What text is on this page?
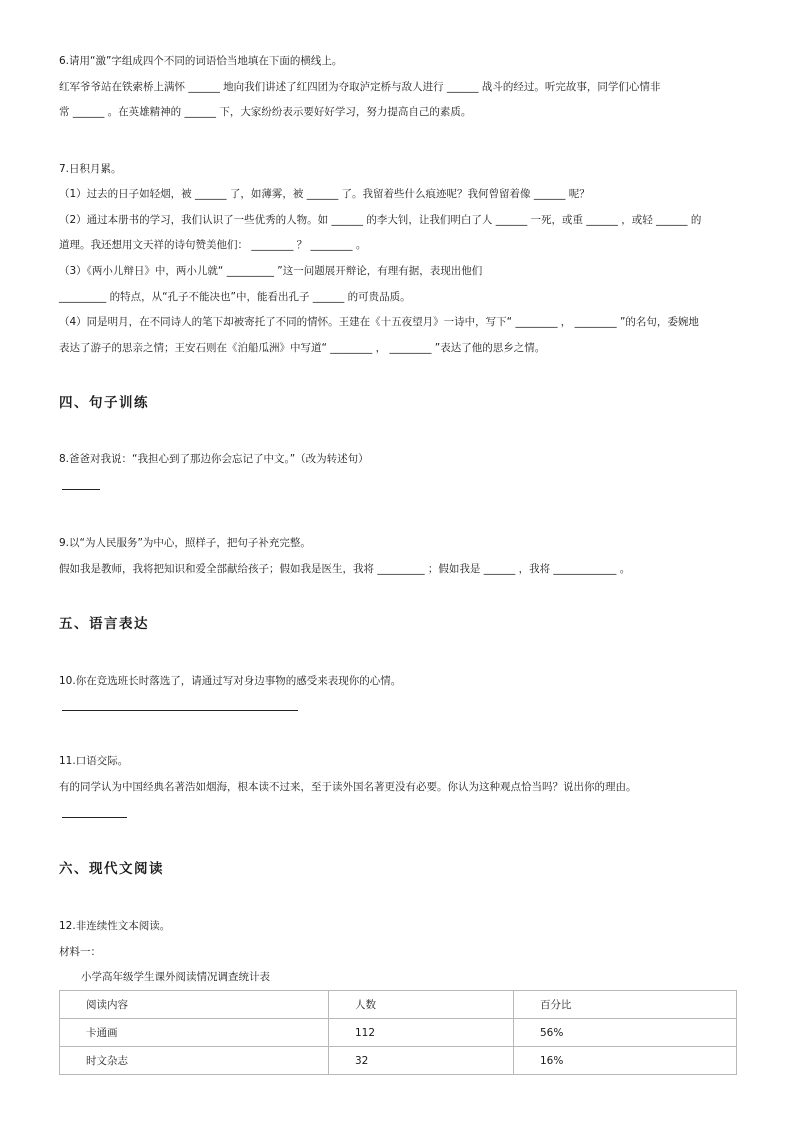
6.请用“激”字组成四个不同的词语恰当地填在下面的横线上。
红军爷爷站在铁索桥上满怀 ______ 地向我们讲述了红四团为夺取泸定桥与敌人进行 ______ 战斗的经过。听完故事，同学们心情非
常 ______ 。在英雄精神的 ______ 下，大家纷纷表示要好好学习，努力提高自己的素质。
7.日积月累。
（1）过去的日子如轻烟，被 ______ 了，如薄雾，被 ______ 了。我留着些什么痕迹呢？我何曾留着像 ______ 呢？
（2）通过本册书的学习，我们认识了一些优秀的人物。如 ______ 的李大钊，让我们明白了人 ______ 一死，或重 ______ ，或轻 ______ 的
道理。我还想用文天祥的诗句赞美他们： ________ ？ ________ 。
（3）《两小儿辩日》中，两小儿就“ _________ ”这一问题展开辩论，有理有据，表现出他们
_________ 的特点，从“孔子不能决也”中，能看出孔子 ______ 的可贵品质。
（4）同是明月，在不同诗人的笔下却被寄托了不同的情怀。王建在《十五夜望月》一诗中，写下“ ________ ， ________ ”的名句，委婉地
表达了游子的思亲之情；王安石则在《泊船瓜洲》中写道“ ________ ， ________ ”表达了他的思乡之情。
四、句子训练
8.爸爸对我说：“我担心到了那边你会忘记了中文。”（改为转述句）
9.以“为人民服务”为中心，照样子，把句子补充完整。
假如我是教师，我将把知识和爱全部献给孩子；假如我是医生，我将 _________ ；假如我是 ______ ，我将 ____________ 。
五、语言表达
10.你在竞选班长时落选了，请通过写对身边事物的感受来表现你的心情。
11.口语交际。
有的同学认为中国经典名著浩如烟海，根本读不过来，至于读外国名著更没有必要。你认为这种观点恰当吗？说出你的理由。
六、现代文阅读
12.非连续性文本阅读。
材料一：
小学高年级学生课外阅读情况调查统计表
阅读内容	人数	百分比
卡通画	112	56%
时文杂志	32	16%
